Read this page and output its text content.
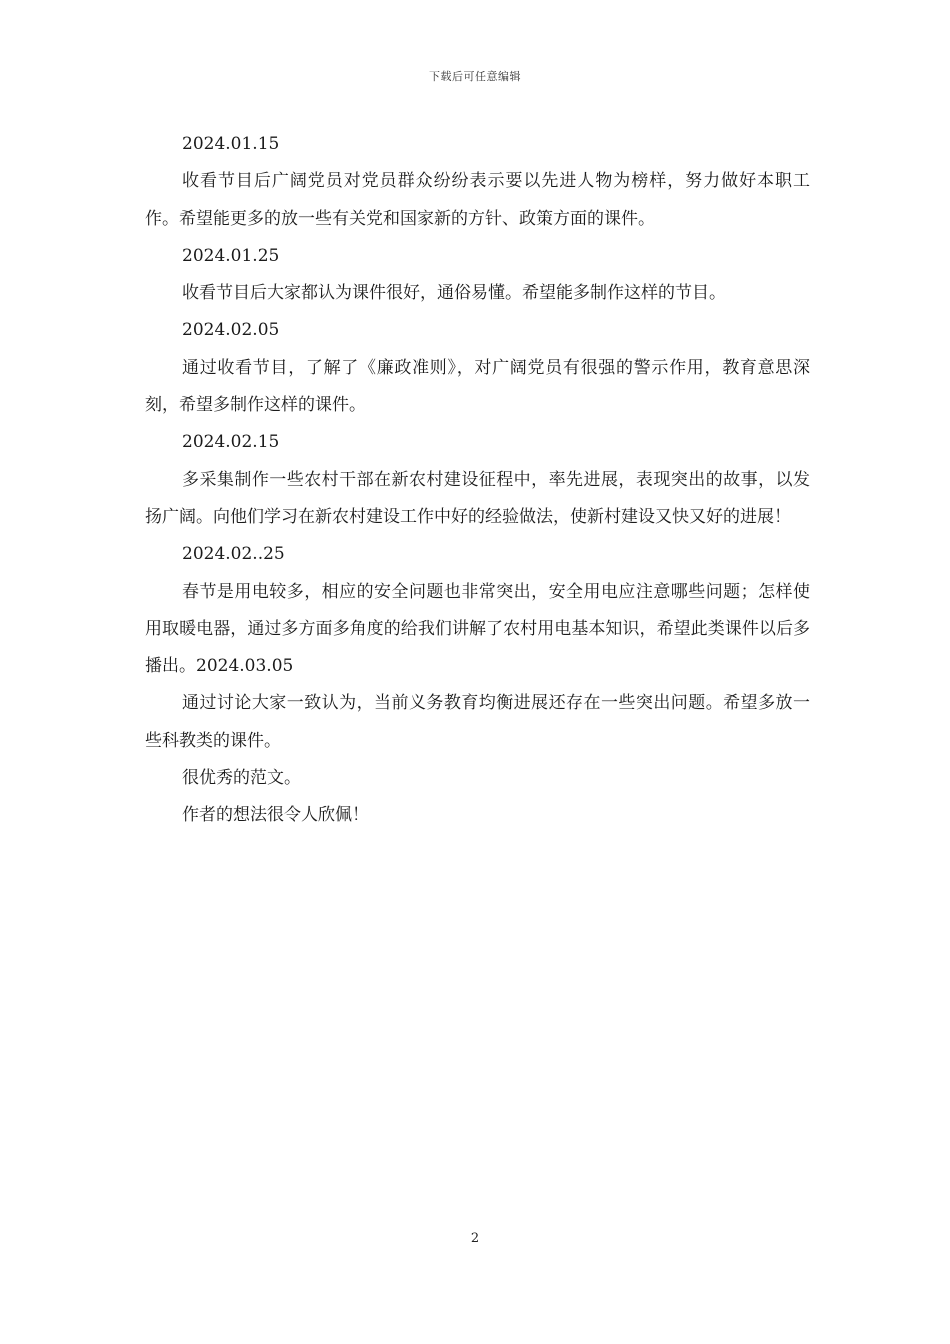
下载后可任意编辑

2024.01.15

收看节目后广阔党员对党员群众纷纷表示要以先进人物为榜样，努力做好本职工作。希望能更多的放一些有关党和国家新的方针、政策方面的课件。

2024.01.25

收看节目后大家都认为课件很好，通俗易懂。希望能多制作这样的节目。

2024.02.05

通过收看节目，了解了《廉政准则》，对广阔党员有很强的警示作用，教育意思深刻，希望多制作这样的课件。

2024.02.15

多采集制作一些农村干部在新农村建设征程中，率先进展，表现突出的故事，以发扬广阔。向他们学习在新农村建设工作中好的经验做法，使新村建设又快又好的进展！

2024.02..25

春节是用电较多，相应的安全问题也非常突出，安全用电应注意哪些问题；怎样使用取暖电器，通过多方面多角度的给我们讲解了农村用电基本知识，希望此类课件以后多播出。2024.03.05

通过讨论大家一致认为，当前义务教育均衡进展还存在一些突出问题。希望多放一些科教类的课件。

很优秀的范文。

作者的想法很令人欣佩！

2
